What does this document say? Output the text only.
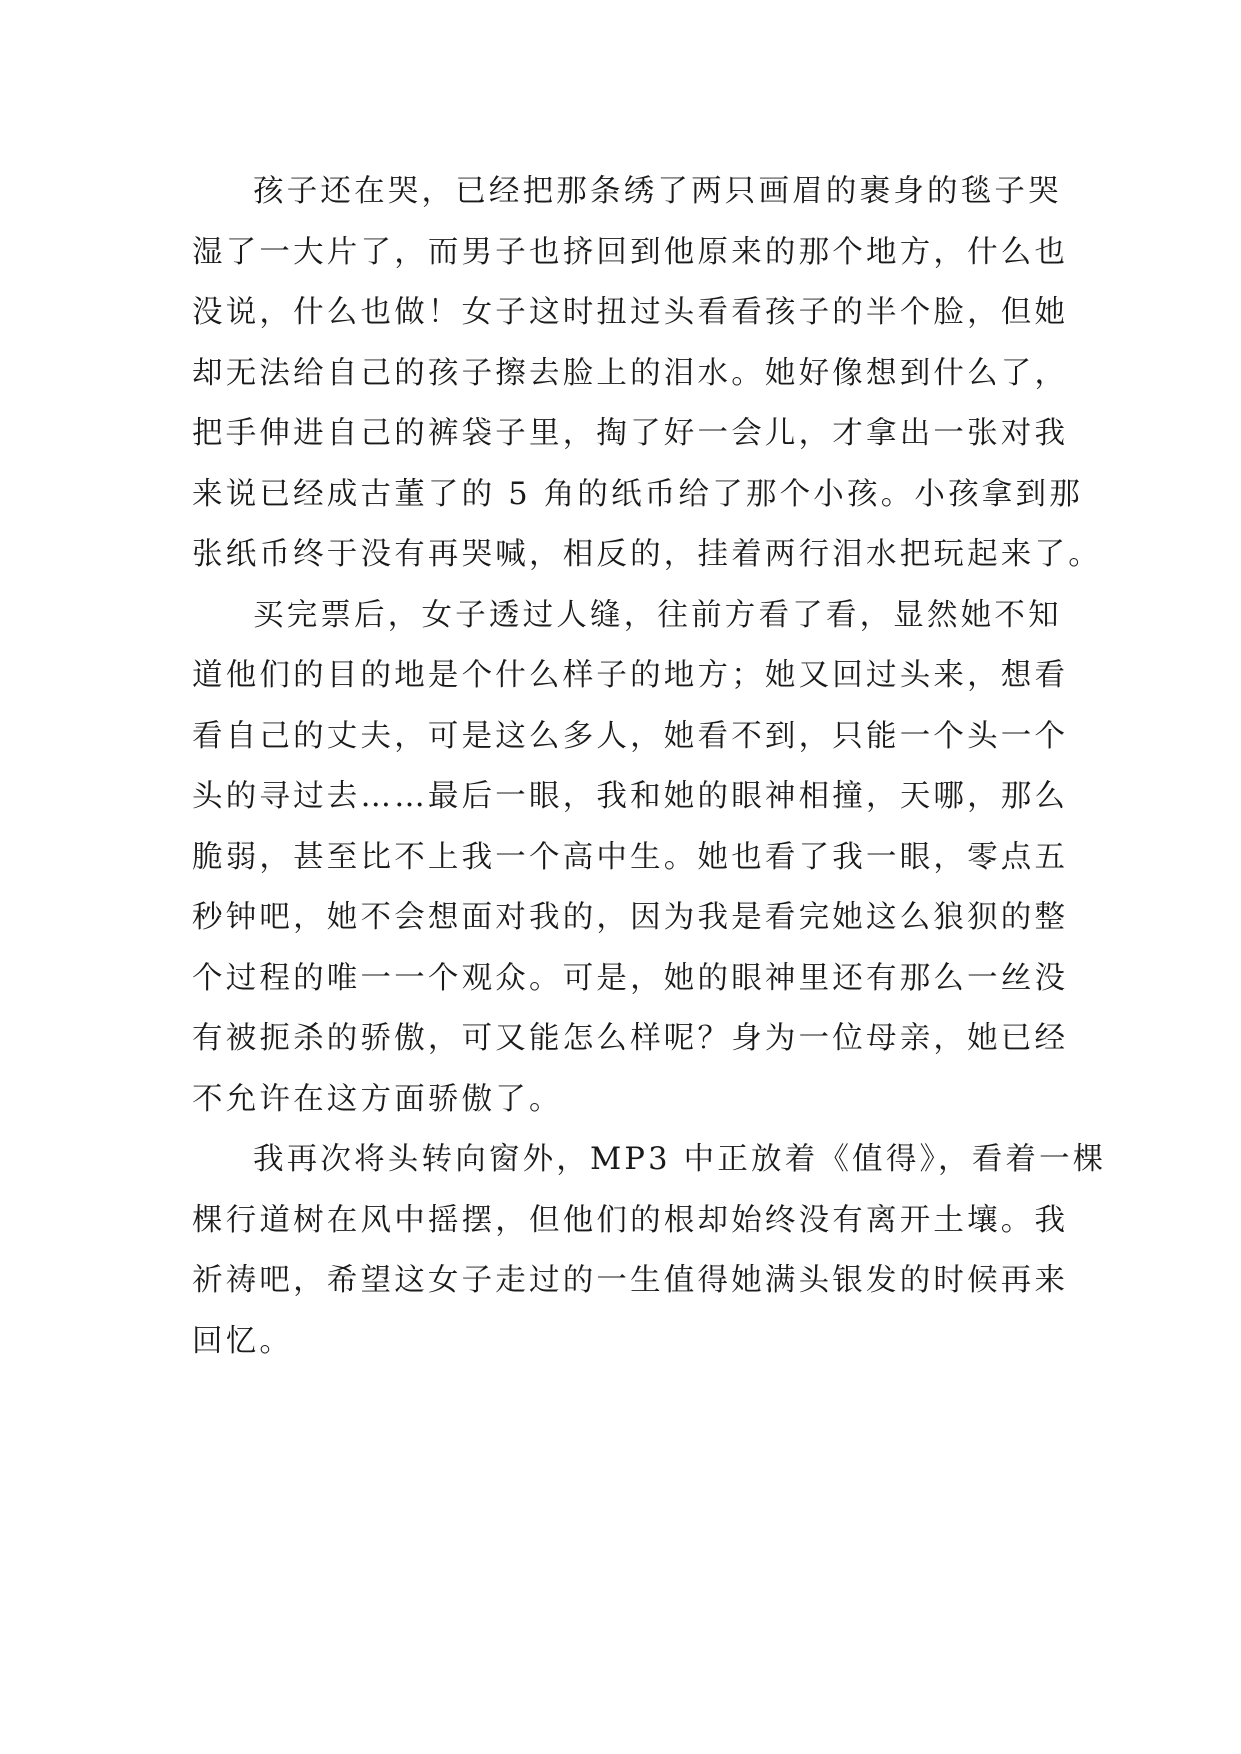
孩子还在哭，已经把那条绣了两只画眉的裹身的毯子哭
湿了一大片了，而男子也挤回到他原来的那个地方，什么也
没说，什么也做！女子这时扭过头看看孩子的半个脸，但她
却无法给自己的孩子擦去脸上的泪水。她好像想到什么了，
把手伸进自己的裤袋子里，掏了好一会儿，才拿出一张对我
来说已经成古董了的 5 角的纸币给了那个小孩。小孩拿到那
张纸币终于没有再哭喊，相反的，挂着两行泪水把玩起来了。
买完票后，女子透过人缝，往前方看了看，显然她不知
道他们的目的地是个什么样子的地方；她又回过头来，想看
看自己的丈夫，可是这么多人，她看不到，只能一个头一个
头的寻过去……最后一眼，我和她的眼神相撞，天哪，那么
脆弱，甚至比不上我一个高中生。她也看了我一眼，零点五
秒钟吧，她不会想面对我的，因为我是看完她这么狼狈的整
个过程的唯一一个观众。可是，她的眼神里还有那么一丝没
有被扼杀的骄傲，可又能怎么样呢？身为一位母亲，她已经
不允许在这方面骄傲了。
我再次将头转向窗外，MP3 中正放着《值得》，看着一棵
棵行道树在风中摇摆，但他们的根却始终没有离开土壤。我
祈祷吧，希望这女子走过的一生值得她满头银发的时候再来
回忆。
